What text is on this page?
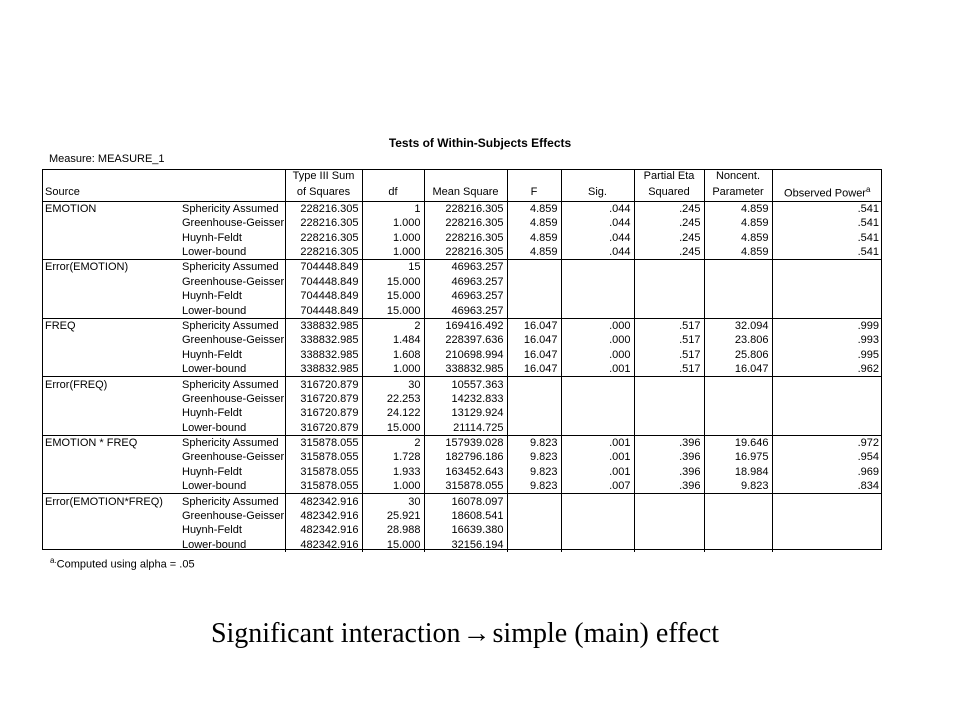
Tests of Within-Subjects Effects
Measure: MEASURE_1
		Type III Sum					Partial Eta	Noncent.	
Source		of Squares	df	Mean Square	F	Sig.	Squared	Parameter	Observed Power$^a$
EMOTION	Sphericity Assumed	228216.305	1	228216.305	4.859	.044	.245	4.859	.541
	Greenhouse-Geisser	228216.305	1.000	228216.305	4.859	.044	.245	4.859	.541
	Huynh-Feldt	228216.305	1.000	228216.305	4.859	.044	.245	4.859	.541
	Lower-bound	228216.305	1.000	228216.305	4.859	.044	.245	4.859	.541
Error(EMOTION)	Sphericity Assumed	704448.849	15	46963.257					
	Greenhouse-Geisser	704448.849	15.000	46963.257					
	Huynh-Feldt	704448.849	15.000	46963.257					
	Lower-bound	704448.849	15.000	46963.257					
FREQ	Sphericity Assumed	338832.985	2	169416.492	16.047	.000	.517	32.094	.999
	Greenhouse-Geisser	338832.985	1.484	228397.636	16.047	.000	.517	23.806	.993
	Huynh-Feldt	338832.985	1.608	210698.994	16.047	.000	.517	25.806	.995
	Lower-bound	338832.985	1.000	338832.985	16.047	.001	.517	16.047	.962
Error(FREQ)	Sphericity Assumed	316720.879	30	10557.363					
	Greenhouse-Geisser	316720.879	22.253	14232.833					
	Huynh-Feldt	316720.879	24.122	13129.924					
	Lower-bound	316720.879	15.000	21114.725					
EMOTION * FREQ	Sphericity Assumed	315878.055	2	157939.028	9.823	.001	.396	19.646	.972
	Greenhouse-Geisser	315878.055	1.728	182796.186	9.823	.001	.396	16.975	.954
	Huynh-Feldt	315878.055	1.933	163452.643	9.823	.001	.396	18.984	.969
	Lower-bound	315878.055	1.000	315878.055	9.823	.007	.396	9.823	.834
Error(EMOTION*FREQ)	Sphericity Assumed	482342.916	30	16078.097					
	Greenhouse-Geisser	482342.916	25.921	18608.541					
	Huynh-Feldt	482342.916	28.988	16639.380					
	Lower-bound	482342.916	15.000	32156.194					
$^{a.}$Computed using alpha = .05
Significant interaction→simple (main) effect
